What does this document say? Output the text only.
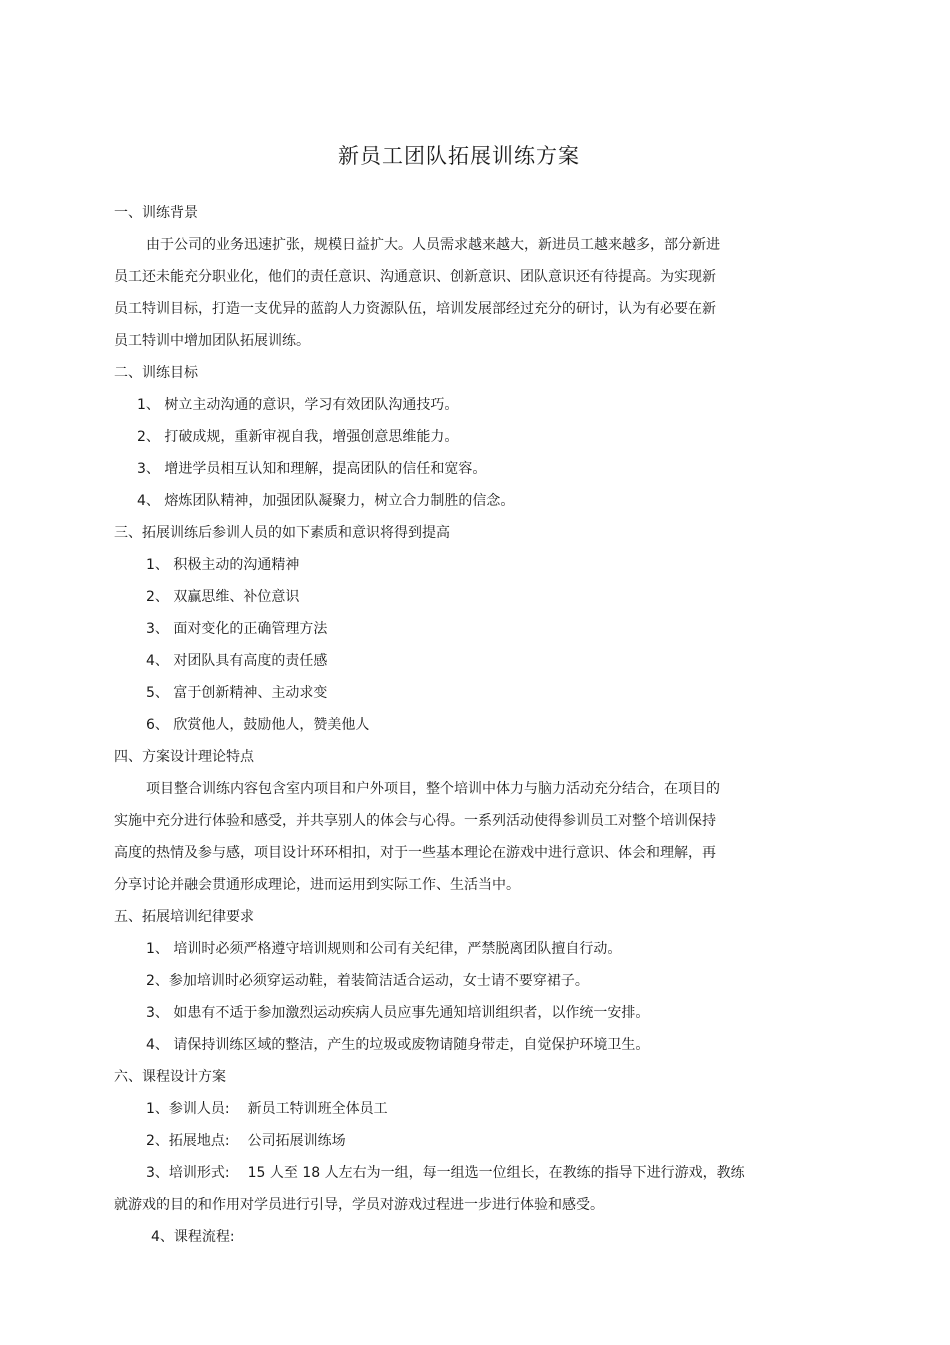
新员工团队拓展训练方案
一、训练背景
由于公司的业务迅速扩张，规模日益扩大。人员需求越来越大，新进员工越来越多，部分新进
员工还未能充分职业化，他们的责任意识、沟通意识、创新意识、团队意识还有待提高。为实现新
员工特训目标，打造一支优异的蓝韵人力资源队伍，培训发展部经过充分的研讨，认为有必要在新
员工特训中增加团队拓展训练。
二、训练目标
1、 树立主动沟通的意识，学习有效团队沟通技巧。
2、 打破成规，重新审视自我，增强创意思维能力。
3、 增进学员相互认知和理解，提高团队的信任和宽容。
4、 熔炼团队精神，加强团队凝聚力，树立合力制胜的信念。
三、拓展训练后参训人员的如下素质和意识将得到提高
1、 积极主动的沟通精神
2、 双赢思维、补位意识
3、 面对变化的正确管理方法
4、 对团队具有高度的责任感
5、 富于创新精神、主动求变
6、 欣赏他人，鼓励他人，赞美他人
四、方案设计理论特点
项目整合训练内容包含室内项目和户外项目，整个培训中体力与脑力活动充分结合，在项目的
实施中充分进行体验和感受，并共享别人的体会与心得。一系列活动使得参训员工对整个培训保持
高度的热情及参与感，项目设计环环相扣，对于一些基本理论在游戏中进行意识、体会和理解，再
分享讨论并融会贯通形成理论，进而运用到实际工作、生活当中。
五、拓展培训纪律要求
1、 培训时必须严格遵守培训规则和公司有关纪律，严禁脱离团队擅自行动。
2、参加培训时必须穿运动鞋，着装简洁适合运动，女士请不要穿裙子。
3、 如患有不适于参加激烈运动疾病人员应事先通知培训组织者，以作统一安排。
4、 请保持训练区域的整洁，产生的垃圾或废物请随身带走，自觉保护环境卫生。
六、课程设计方案
1、参训人员: 新员工特训班全体员工
2、拓展地点: 公司拓展训练场
3、培训形式: 15 人至 18 人左右为一组，每一组选一位组长，在教练的指导下进行游戏，教练
就游戏的目的和作用对学员进行引导，学员对游戏过程进一步进行体验和感受。
4、课程流程:
